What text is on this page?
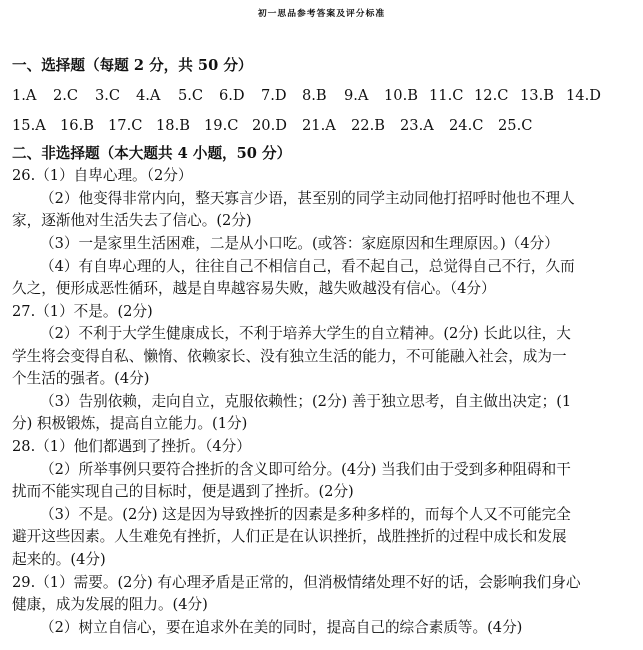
初一思品参考答案及评分标准
一、选择题（每题 2 分，共 50 分）
1.A 2.C 3.C 4.A 5.C 6.D 7.D 8.B 9.A 10.B 11.C 12.C 13.B 14.D
15.A 16.B 17.C 18.B 19.C 20.D 21.A 22.B 23.A 24.C 25.C
二、非选择题（本大题共 4 小题，50 分）
26.（1）自卑心理。（2分）
（2）他变得非常内向，整天寡言少语，甚至别的同学主动同他打招呼时他也不理人
家，逐渐他对生活失去了信心。(2分)
（3）一是家里生活困难，二是从小口吃。(或答：家庭原因和生理原因。)（4分）
（4）有自卑心理的人，往往自己不相信自己，看不起自己，总觉得自己不行，久而
久之，便形成恶性循环，越是自卑越容易失败，越失败越没有信心。（4分）
27.（1）不是。(2分)
（2）不利于大学生健康成长，不利于培养大学生的自立精神。(2分) 长此以往，大
学生将会变得自私、懒惰、依赖家长、没有独立生活的能力，不可能融入社会，成为一
个生活的强者。(4分)
（3）告别依赖，走向自立，克服依赖性；(2分) 善于独立思考，自主做出决定；(1
分) 积极锻炼，提高自立能力。(1分)
28.（1）他们都遇到了挫折。（4分）
（2）所举事例只要符合挫折的含义即可给分。(4分) 当我们由于受到多种阻碍和干
扰而不能实现自己的目标时，便是遇到了挫折。(2分)
（3）不是。(2分) 这是因为导致挫折的因素是多种多样的，而每个人又不可能完全
避开这些因素。人生难免有挫折，人们正是在认识挫折，战胜挫折的过程中成长和发展
起来的。(4分)
29.（1）需要。(2分) 有心理矛盾是正常的，但消极情绪处理不好的话，会影响我们身心
健康，成为发展的阻力。(4分)
（2）树立自信心，要在追求外在美的同时，提高自己的综合素质等。(4分)
